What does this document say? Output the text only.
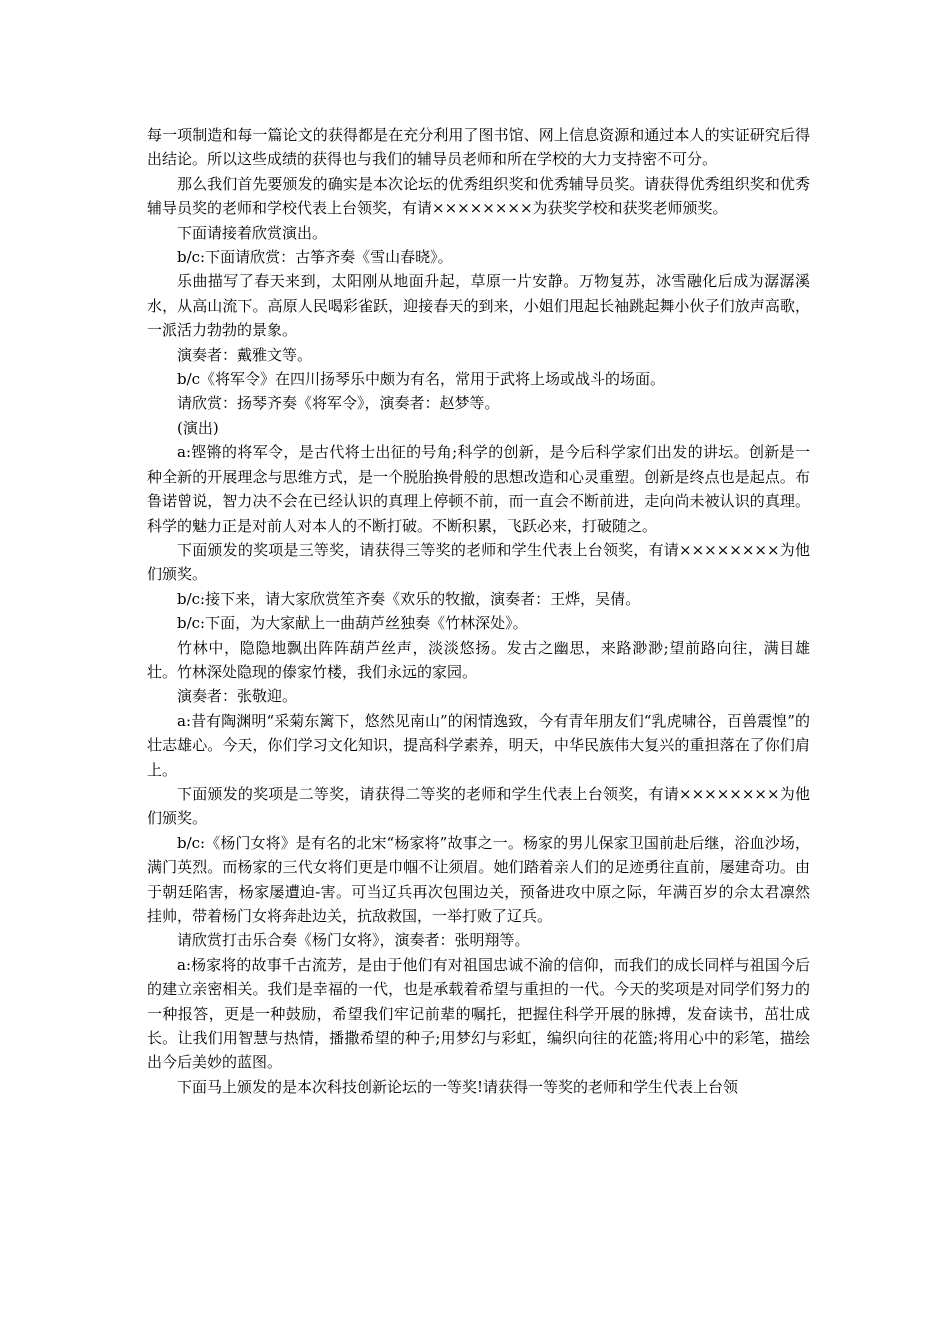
每一项制造和每一篇论文的获得都是在充分利用了图书馆、网上信息资源和通过本人的实证研究后得出结论。所以这些成绩的获得也与我们的辅导员老师和所在学校的大力支持密不可分。

那么我们首先要颁发的确实是本次论坛的优秀组织奖和优秀辅导员奖。请获得优秀组织奖和优秀辅导员奖的老师和学校代表上台领奖，有请××××××××为获奖学校和获奖老师颁奖。

下面请接着欣赏演出。

b/c:下面请欣赏：古筝齐奏《雪山春晓》。

乐曲描写了春天来到，太阳刚从地面升起，草原一片安静。万物复苏，冰雪融化后成为潺潺溪水，从高山流下。高原人民喝彩雀跃，迎接春天的到来，小姐们甩起长袖跳起舞小伙子们放声高歌，一派活力勃勃的景象。

演奏者：戴雅文等。

b/c《将军令》在四川扬琴乐中颇为有名，常用于武将上场或战斗的场面。

请欣赏：扬琴齐奏《将军令》，演奏者：赵梦等。

(演出)

a:铿锵的将军令，是古代将士出征的号角;科学的创新，是今后科学家们出发的讲坛。创新是一种全新的开展理念与思维方式，是一个脱胎换骨般的思想改造和心灵重塑。创新是终点也是起点。布鲁诺曾说，智力决不会在已经认识的真理上停顿不前，而一直会不断前进，走向尚未被认识的真理。科学的魅力正是对前人对本人的不断打破。不断积累，飞跃必来，打破随之。

下面颁发的奖项是三等奖，请获得三等奖的老师和学生代表上台领奖，有请××××××××为他们颁奖。

b/c:接下来，请大家欣赏笙齐奏《欢乐的牧撤，演奏者：王烨，吴倩。

b/c:下面，为大家献上一曲葫芦丝独奏《竹林深处》。

竹林中，隐隐地飘出阵阵葫芦丝声，淡淡悠扬。发古之幽思，来路渺渺;望前路向往，满目雄壮。竹林深处隐现的傣家竹楼，我们永远的家园。

演奏者：张敬迎。

a:昔有陶渊明“采菊东篱下，悠然见南山”的闲情逸致，今有青年朋友们“乳虎啸谷，百兽震惶”的壮志雄心。今天，你们学习文化知识，提高科学素养，明天，中华民族伟大复兴的重担落在了你们肩上。

下面颁发的奖项是二等奖，请获得二等奖的老师和学生代表上台领奖，有请××××××××为他们颁奖。

b/c:《杨门女将》是有名的北宋“杨家将”故事之一。杨家的男儿保家卫国前赴后继，浴血沙场，满门英烈。而杨家的三代女将们更是巾帼不让须眉。她们踏着亲人们的足迹勇往直前，屡建奇功。由于朝廷陷害，杨家屡遭迫-害。可当辽兵再次包围边关，预备进攻中原之际，年满百岁的佘太君凛然挂帅，带着杨门女将奔赴边关，抗敌救国，一举打败了辽兵。

请欣赏打击乐合奏《杨门女将》，演奏者：张明翔等。

a:杨家将的故事千古流芳，是由于他们有对祖国忠诚不渝的信仰，而我们的成长同样与祖国今后的建立亲密相关。我们是幸福的一代，也是承载着希望与重担的一代。今天的奖项是对同学们努力的一种报答，更是一种鼓励，希望我们牢记前辈的嘱托，把握住科学开展的脉搏，发奋读书，茁壮成长。让我们用智慧与热情，播撒希望的种子;用梦幻与彩虹，编织向往的花篮;将用心中的彩笔，描绘出今后美妙的蓝图。

下面马上颁发的是本次科技创新论坛的一等奖!请获得一等奖的老师和学生代表上台领
